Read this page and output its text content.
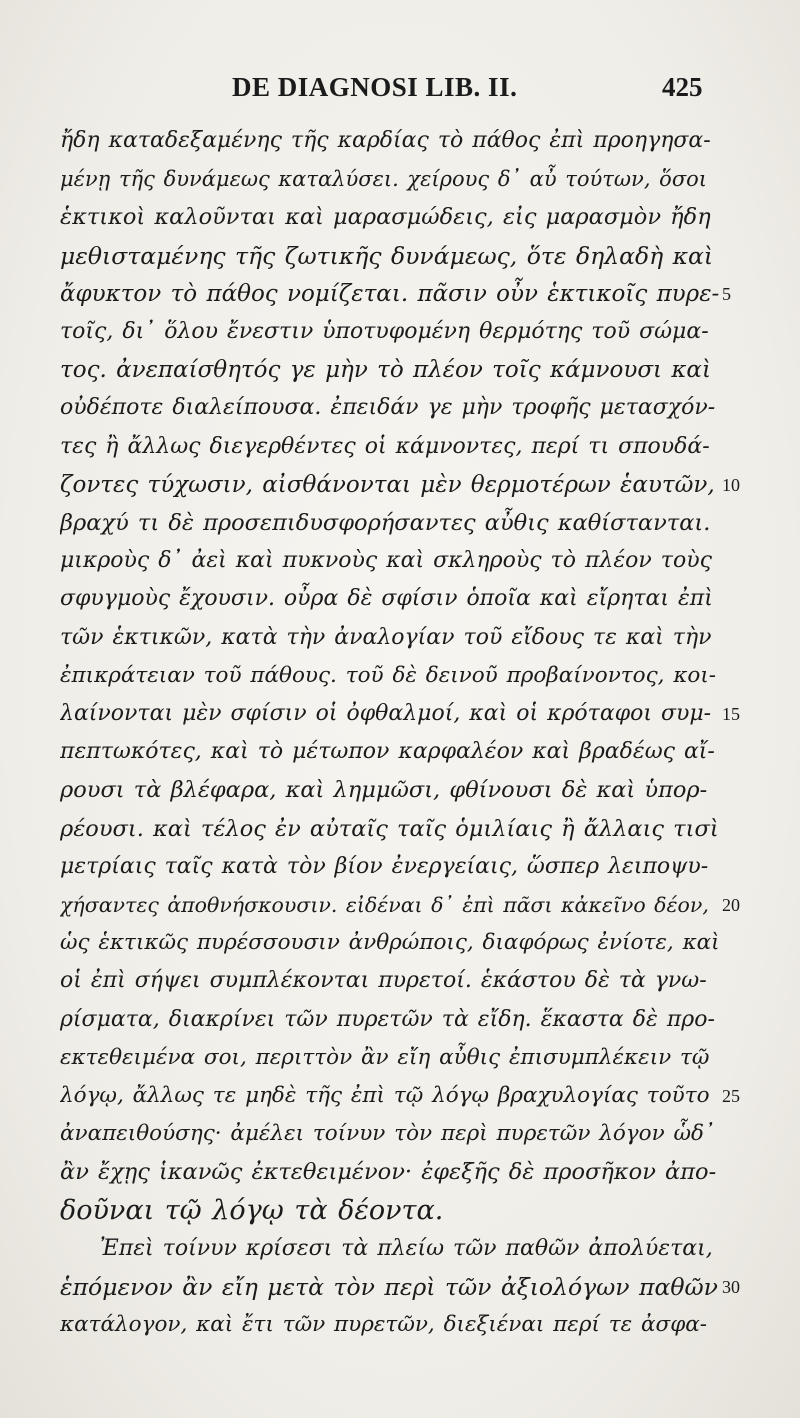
DE DIAGNOSI LIB. II.	425
ἤδη καταδεξαμένης τῆς καρδίας τὸ πάθος ἐπὶ προηγησα-
μένῃ τῆς δυνάμεως καταλύσει. χείρους δ᾽ αὖ τούτων, ὅσοι
ἑκτικοὶ καλοῦνται καὶ μαρασμώδεις, εἰς μαρασμὸν ἤδη
μεθισταμένης τῆς ζωτικῆς δυνάμεως, ὅτε δηλαδὴ καὶ
ἄφυκτον τὸ πάθος νομίζεται. πᾶσιν οὖν ἑκτικοῖς πυρε- 5
τοῖς, δι᾽ ὅλου ἔνεστιν ὑποτυφομένη θερμότης τοῦ σώμα-
τος. ἀνεπαίσθητός γε μὴν τὸ πλέον τοῖς κάμνουσι καὶ
οὐδέποτε διαλείπουσα. ἐπειδάν γε μὴν τροφῆς μετασχόν-
τες ἢ ἄλλως διεγερθέντες οἱ κάμνοντες, περί τι σπουδά-
ζοντες τύχωσιν, αἰσθάνονται μὲν θερμοτέρων ἑαυτῶν, 10
βραχύ τι δὲ προσεπιδυσφορήσαντες αὖθις καθίστανται.
μικροὺς δ᾽ ἀεὶ καὶ πυκνοὺς καὶ σκληροὺς τὸ πλέον τοὺς
σφυγμοὺς ἔχουσιν. οὖρα δὲ σφίσιν ὁποῖα καὶ εἴρηται ἐπὶ
τῶν ἑκτικῶν, κατὰ τὴν ἀναλογίαν τοῦ εἴδους τε καὶ τὴν
ἐπικράτειαν τοῦ πάθους. τοῦ δὲ δεινοῦ προβαίνοντος, κοι-
λαίνονται μὲν σφίσιν οἱ ὀφθαλμοί, καὶ οἱ κρόταφοι συμ- 15
πεπτωκότες, καὶ τὸ μέτωπον καρφαλέον καὶ βραδέως αἴ-
ρουσι τὰ βλέφαρα, καὶ λημμῶσι, φθίνουσι δὲ καὶ ὑπορ-
ρέουσι. καὶ τέλος ἐν αὐταῖς ταῖς ὁμιλίαις ἢ ἄλλαις τισὶ
μετρίαις ταῖς κατὰ τὸν βίον ἐνεργείαις, ὥσπερ λειποψυ-
χήσαντες ἀποθνήσκουσιν. εἰδέναι δ᾽ ἐπὶ πᾶσι κἀκεῖνο δέον, 20
ὡς ἑκτικῶς πυρέσσουσιν ἀνθρώποις, διαφόρως ἐνίοτε, καὶ
οἱ ἐπὶ σήψει συμπλέκονται πυρετοί. ἑκάστου δὲ τὰ γνω-
ρίσματα, διακρίνει τῶν πυρετῶν τὰ εἴδη. ἕκαστα δὲ προ-
εκτεθειμένα σοι, περιττὸν ἂν εἴη αὖθις ἐπισυμπλέκειν τῷ
λόγῳ, ἄλλως τε μηδὲ τῆς ἐπὶ τῷ λόγῳ βραχυλογίας τοῦτο 25
ἀναπειθούσης· ἀμέλει τοίνυν τὸν περὶ πυρετῶν λόγον ὧδ᾽
ἂν ἔχῃς ἱκανῶς ἐκτεθειμένον· ἐφεξῆς δὲ προσῆκον ἀπο-
δοῦναι τῷ λόγῳ τὰ δέοντα.
Ἐπεὶ τοίνυν κρίσεσι τὰ πλείω τῶν παθῶν ἀπολύεται,
ἑπόμενον ἂν εἴη μετὰ τὸν περὶ τῶν ἀξιολόγων παθῶν 30
κατάλογον, καὶ ἔτι τῶν πυρετῶν, διεξιέναι περί τε ἀσφα-
